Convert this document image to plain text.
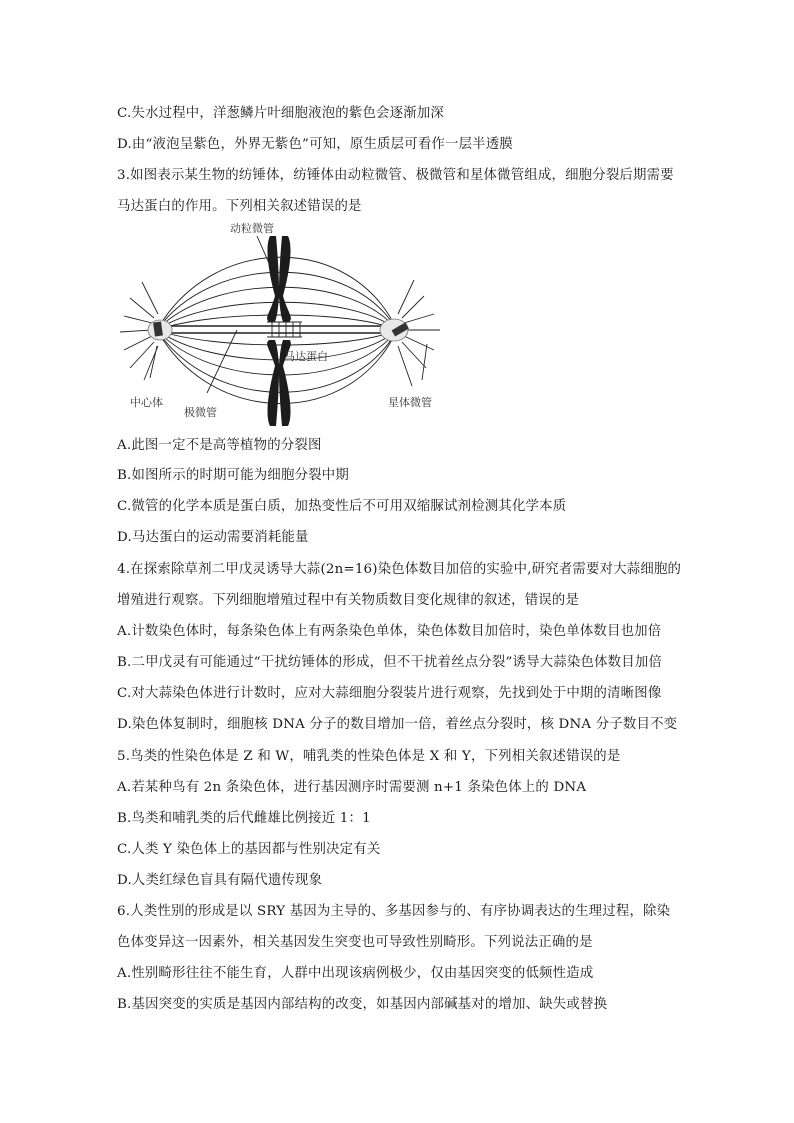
C.失水过程中，洋葱鳞片叶细胞液泡的紫色会逐渐加深
D.由“液泡呈紫色，外界无紫色”可知，原生质层可看作一层半透膜
3.如图表示某生物的纺锤体，纺锤体由动粒微管、极微管和星体微管组成，细胞分裂后期需要
马达蛋白的作用。下列相关叙述错误的是
动粒微管
马达蛋白
中心体
极微管
星体微管
A.此图一定不是高等植物的分裂图
B.如图所示的时期可能为细胞分裂中期
C.微管的化学本质是蛋白质，加热变性后不可用双缩脲试剂检测其化学本质
D.马达蛋白的运动需要消耗能量
4.在探索除草剂二甲戊灵诱导大蒜(2n=16)染色体数目加倍的实验中,研究者需要对大蒜细胞的
增殖进行观察。下列细胞增殖过程中有关物质数目变化规律的叙述，错误的是
A.计数染色体时，每条染色体上有两条染色单体，染色体数目加倍时，染色单体数目也加倍
B.二甲戊灵有可能通过“干扰纺锤体的形成，但不干扰着丝点分裂”诱导大蒜染色体数目加倍
C.对大蒜染色体进行计数时，应对大蒜细胞分裂装片进行观察，先找到处于中期的清晰图像
D.染色体复制时，细胞核 DNA 分子的数目增加一倍，着丝点分裂时，核 DNA 分子数目不变
5.鸟类的性染色体是 Z 和 W，哺乳类的性染色体是 X 和 Y，下列相关叙述错误的是
A.若某种鸟有 2n 条染色体，进行基因测序时需要测 n+1 条染色体上的 DNA
B.鸟类和哺乳类的后代雌雄比例接近 1：1
C.人类 Y 染色体上的基因都与性别决定有关
D.人类红绿色盲具有隔代遗传现象
6.人类性别的形成是以 SRY 基因为主导的、多基因参与的、有序协调表达的生理过程，除染
色体变异这一因素外，相关基因发生突变也可导致性别畸形。下列说法正确的是
A.性别畸形往往不能生育，人群中出现该病例极少，仅由基因突变的低频性造成
B.基因突变的实质是基因内部结构的改变，如基因内部碱基对的增加、缺失或替换
